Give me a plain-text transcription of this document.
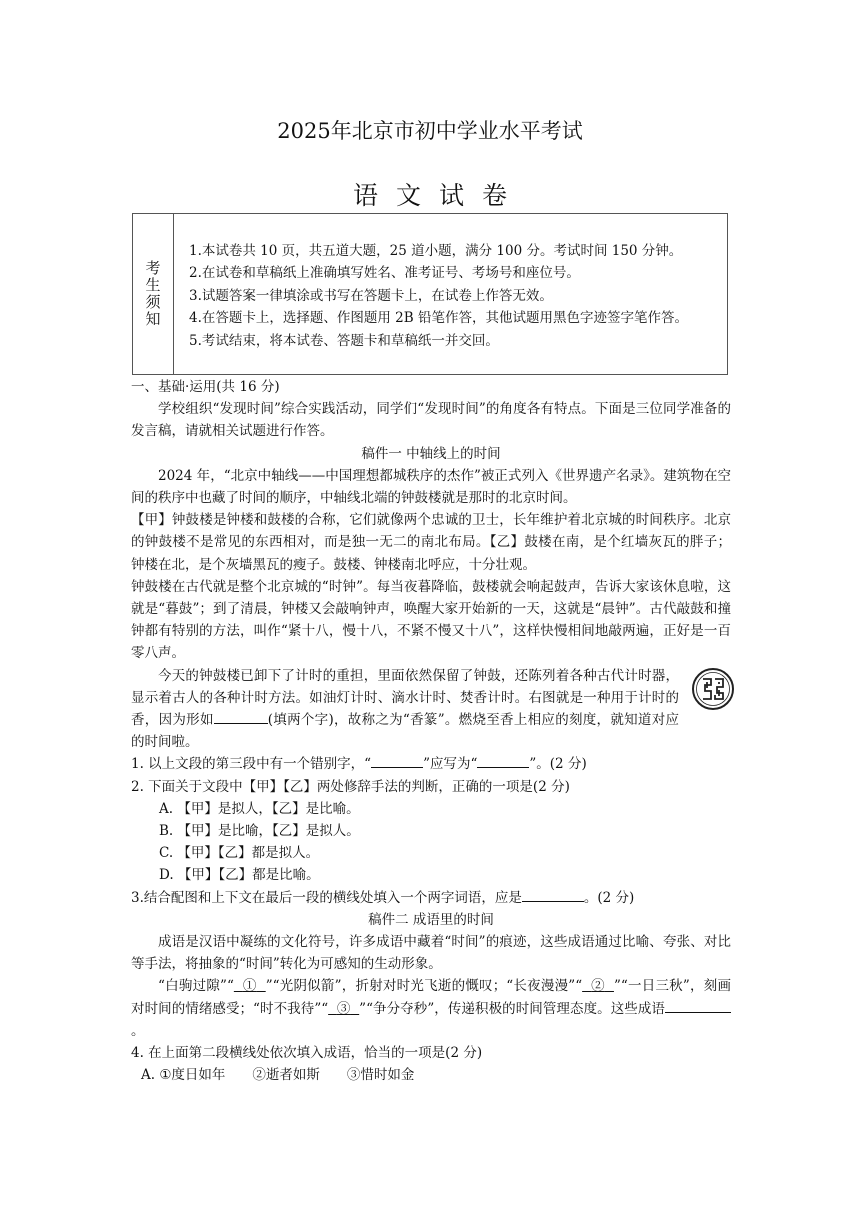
2025年北京市初中学业水平考试
语文试卷
考生须知
1.本试卷共 10 页，共五道大题，25 道小题，满分 100 分。考试时间 150 分钟。
2.在试卷和草稿纸上准确填写姓名、准考证号、考场号和座位号。
3.试题答案一律填涂或书写在答题卡上，在试卷上作答无效。
4.在答题卡上，选择题、作图题用 2B 铅笔作答，其他试题用黑色字迹签字笔作答。
5.考试结束，将本试卷、答题卡和草稿纸一并交回。

一、基础·运用(共 16 分)

学校组织“发现时间”综合实践活动，同学们“发现时间”的角度各有特点。下面是三位同学准备的发言稿，请就相关试题进行作答。

稿件一 中轴线上的时间

2024 年，“北京中轴线——中国理想都城秩序的杰作”被正式列入《世界遗产名录》。建筑物在空间的秩序中也藏了时间的顺序，中轴线北端的钟鼓楼就是那时的北京时间。

【甲】钟鼓楼是钟楼和鼓楼的合称，它们就像两个忠诚的卫士，长年维护着北京城的时间秩序。北京的钟鼓楼不是常见的东西相对，而是独一无二的南北布局。【乙】鼓楼在南，是个红墙灰瓦的胖子；钟楼在北，是个灰墙黑瓦的瘦子。鼓楼、钟楼南北呼应，十分壮观。

钟鼓楼在古代就是整个北京城的“时钟”。每当夜暮降临，鼓楼就会响起鼓声，告诉大家该休息啦，这就是“暮鼓”；到了清晨，钟楼又会敲响钟声，唤醒大家开始新的一天，这就是“晨钟”。古代敲鼓和撞钟都有特别的方法，叫作“紧十八，慢十八，不紧不慢又十八”，这样快慢相间地敲两遍，正好是一百零八声。

今天的钟鼓楼已卸下了计时的重担，里面依然保留了钟鼓，还陈列着各种古代计时器，显示着古人的各种计时方法。如油灯计时、滴水计时、焚香计时。右图就是一种用于计时的香，因为形如	(填两个字)，故称之为“香篆”。燃烧至香上相应的刻度，就知道对应的时间啦。

1. 以上文段的第三段中有一个错别字，“	”应写为“	”。(2 分)

2. 下面关于文段中【甲】【乙】两处修辞手法的判断，正确的一项是(2 分)

A. 【甲】是拟人，【乙】是比喻。

B. 【甲】是比喻，【乙】是拟人。

C. 【甲】【乙】都是拟人。

D. 【甲】【乙】都是比喻。

3.结合配图和上下文在最后一段的横线处填入一个两字词语，应是	。(2 分)

稿件二 成语里的时间

成语是汉语中凝练的文化符号，许多成语中藏着“时间”的痕迹，这些成语通过比喻、夸张、对比等手法，将抽象的“时间”转化为可感知的生动形象。

“白驹过隙”“ ① ”“光阴似箭”，折射对时光飞逝的慨叹；“长夜漫漫”“ ② ”“一日三秋”，刻画对时间的情绪感受；“时不我待”“ ③ ”“争分夺秒”，传递积极的时间管理态度。这些成语。

4. 在上面第二段横线处依次填入成语，恰当的一项是(2 分)

A. ①度日如年　　②逝者如斯　　③惜时如金
